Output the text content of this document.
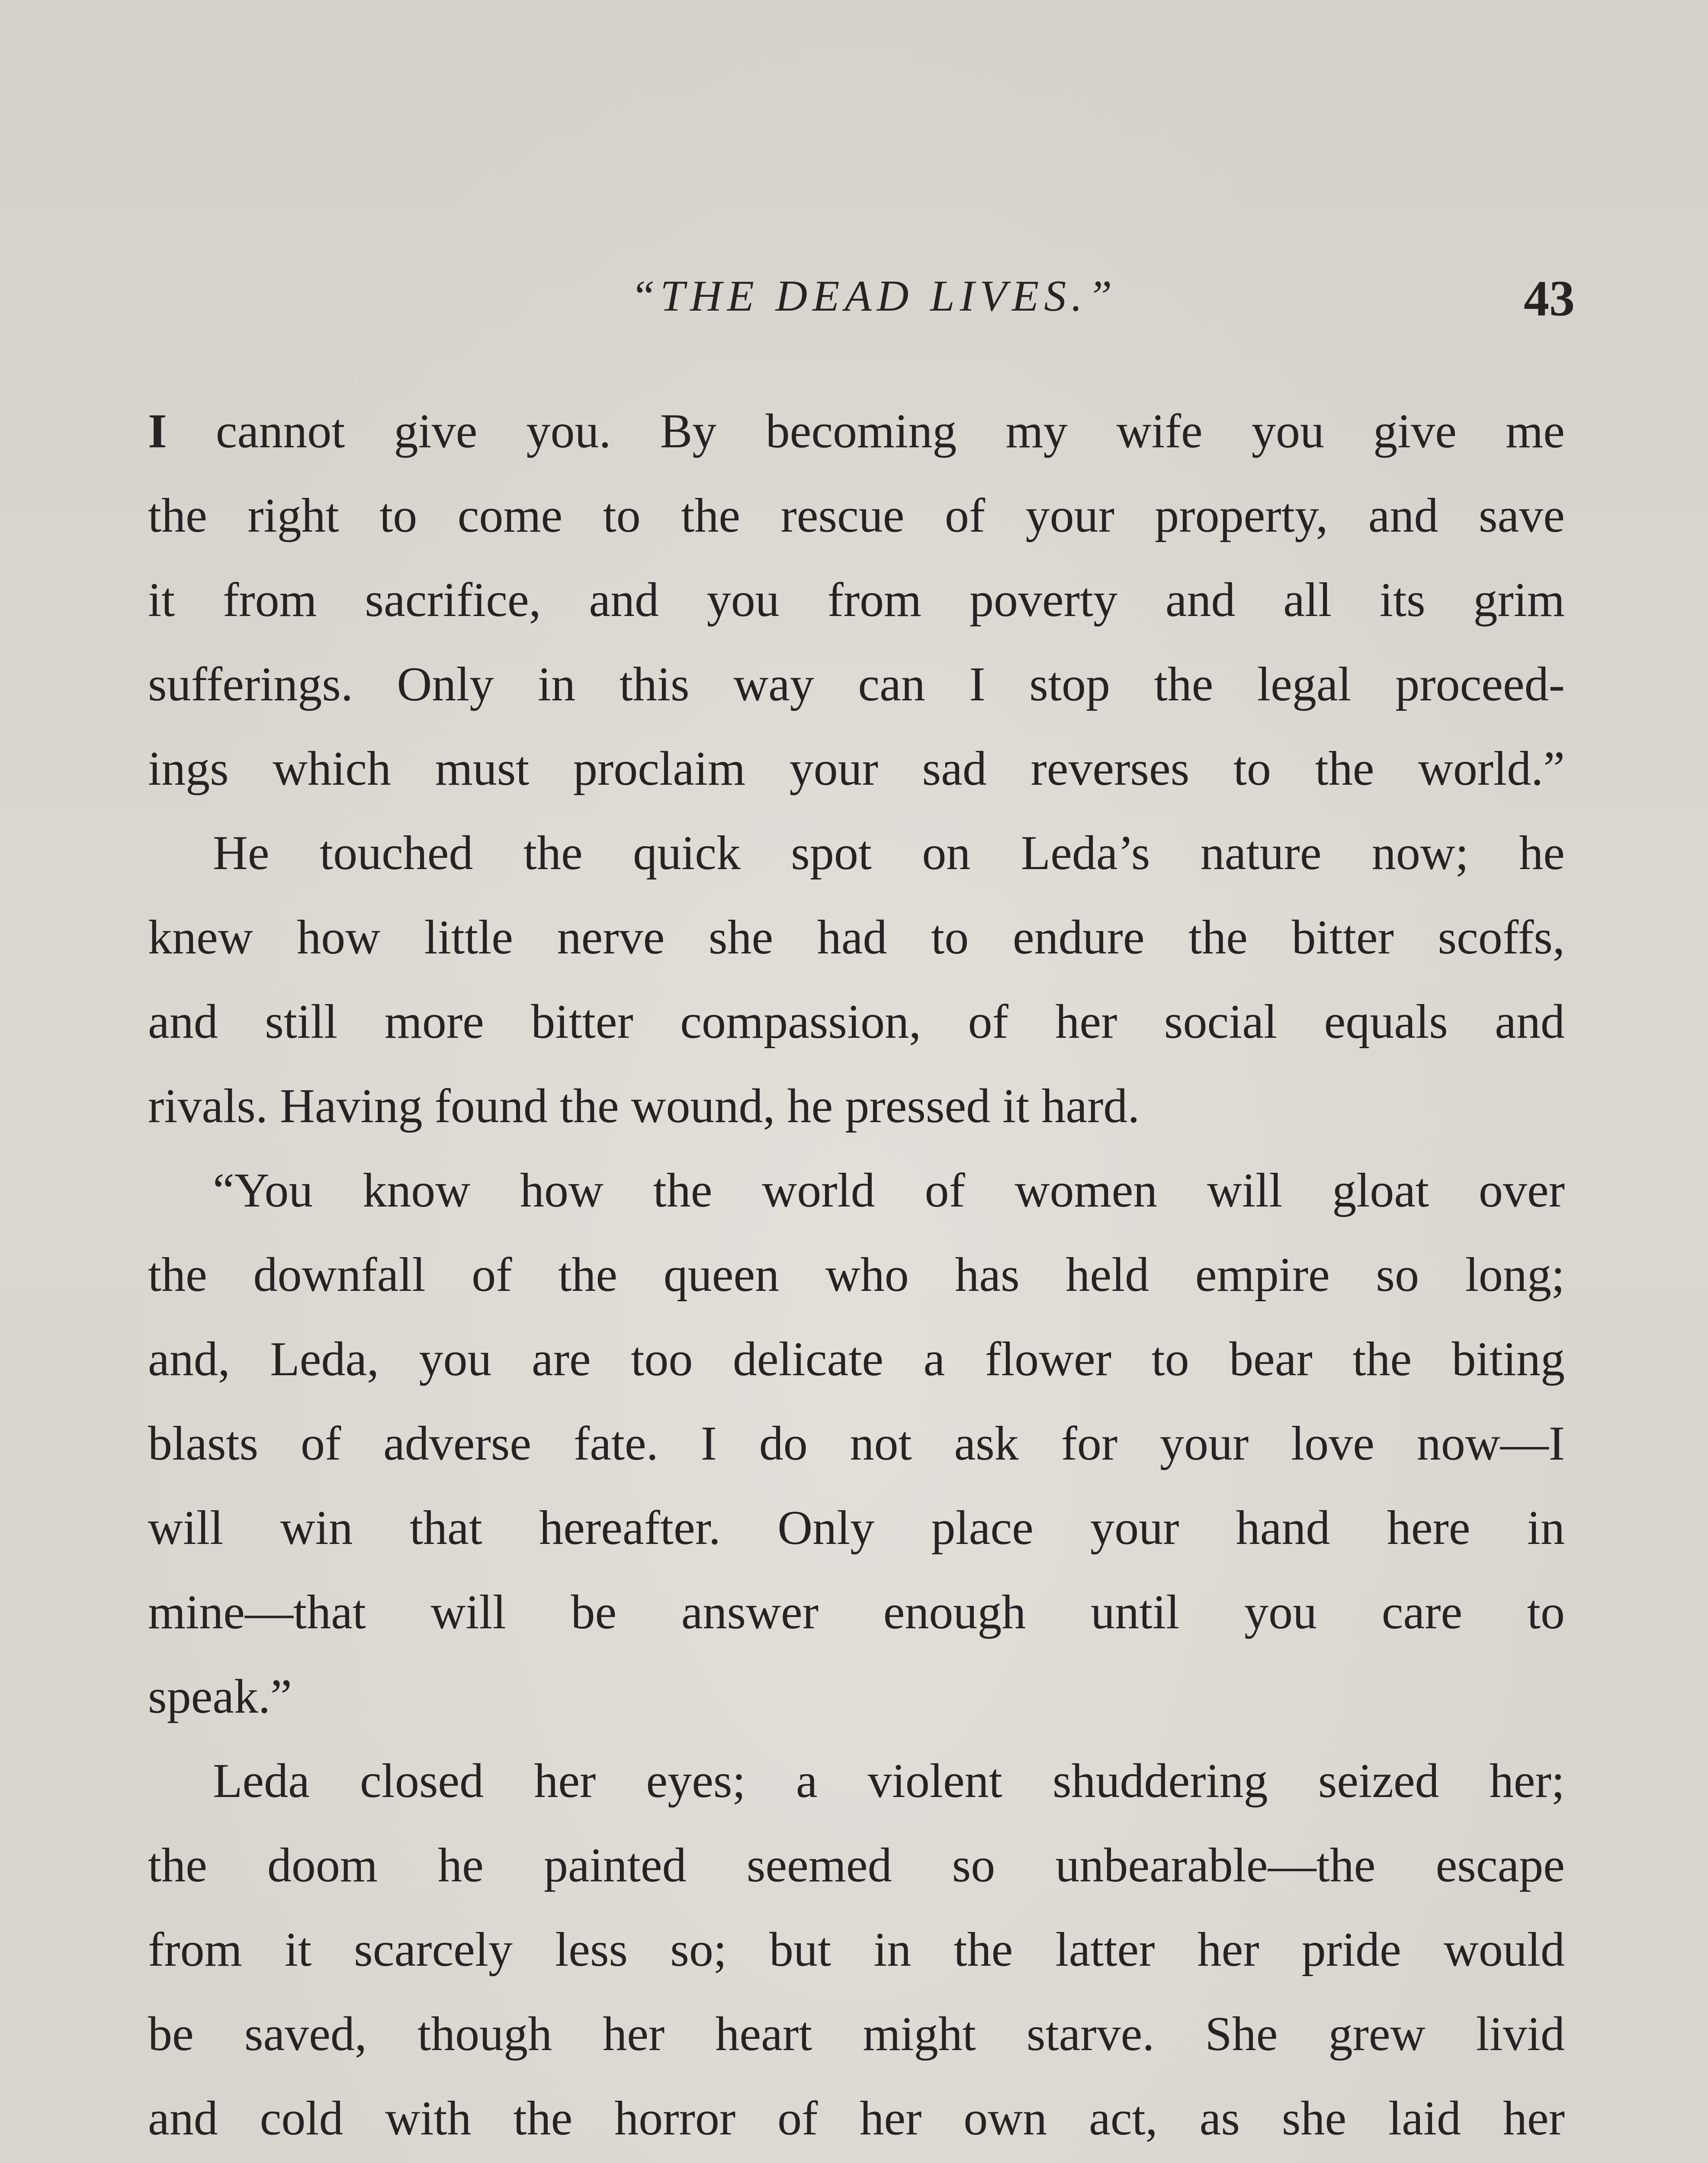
“THE DEAD LIVES.”	43
I cannot give you. By becoming my wife you give me
the right to come to the rescue of your property, and save
it from sacrifice, and you from poverty and all its grim
sufferings. Only in this way can I stop the legal proceed-
ings which must proclaim your sad reverses to the world.”
He touched the quick spot on Leda’s nature now; he
knew how little nerve she had to endure the bitter scoffs,
and still more bitter compassion, of her social equals and
rivals. Having found the wound, he pressed it hard.
“You know how the world of women will gloat over
the downfall of the queen who has held empire so long;
and, Leda, you are too delicate a flower to bear the biting
blasts of adverse fate. I do not ask for your love now—I
will win that hereafter. Only place your hand here in
mine—that will be answer enough until you care to
speak.”
Leda closed her eyes; a violent shuddering seized her;
the doom he painted seemed so unbearable—the escape
from it scarcely less so; but in the latter her pride would
be saved, though her heart might starve. She grew livid
and cold with the horror of her own act, as she laid her
